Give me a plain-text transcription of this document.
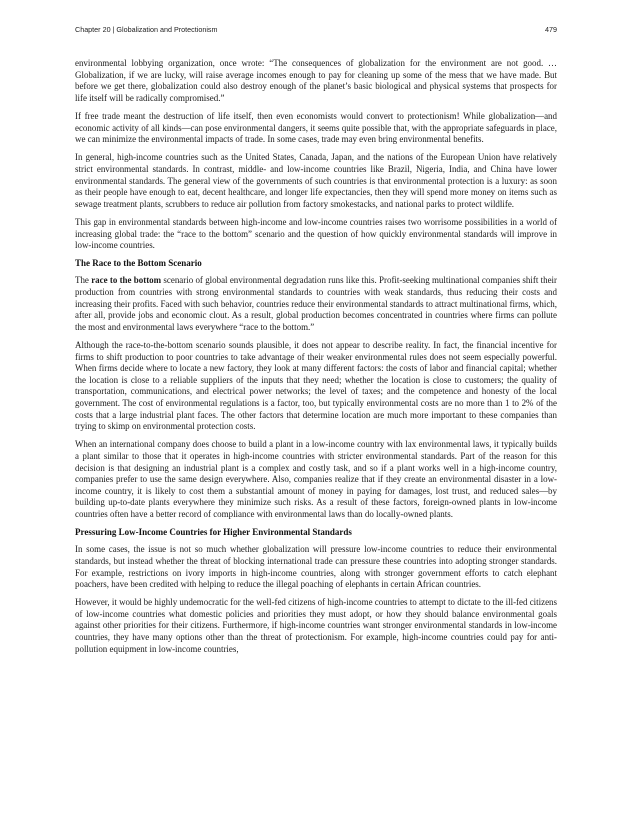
Chapter 20 | Globalization and Protectionism	479

environmental lobbying organization, once wrote: “The consequences of globalization for the environment are not good. … Globalization, if we are lucky, will raise average incomes enough to pay for cleaning up some of the mess that we have made. But before we get there, globalization could also destroy enough of the planet’s basic biological and physical systems that prospects for life itself will be radically compromised.”

If free trade meant the destruction of life itself, then even economists would convert to protectionism! While globalization—and economic activity of all kinds—can pose environmental dangers, it seems quite possible that, with the appropriate safeguards in place, we can minimize the environmental impacts of trade. In some cases, trade may even bring environmental benefits.

In general, high-income countries such as the United States, Canada, Japan, and the nations of the European Union have relatively strict environmental standards. In contrast, middle- and low-income countries like Brazil, Nigeria, India, and China have lower environmental standards. The general view of the governments of such countries is that environmental protection is a luxury: as soon as their people have enough to eat, decent healthcare, and longer life expectancies, then they will spend more money on items such as sewage treatment plants, scrubbers to reduce air pollution from factory smokestacks, and national parks to protect wildlife.

This gap in environmental standards between high-income and low-income countries raises two worrisome possibilities in a world of increasing global trade: the “race to the bottom” scenario and the question of how quickly environmental standards will improve in low-income countries.

The Race to the Bottom Scenario

The race to the bottom scenario of global environmental degradation runs like this. Profit-seeking multinational companies shift their production from countries with strong environmental standards to countries with weak standards, thus reducing their costs and increasing their profits. Faced with such behavior, countries reduce their environmental standards to attract multinational firms, which, after all, provide jobs and economic clout. As a result, global production becomes concentrated in countries where firms can pollute the most and environmental laws everywhere “race to the bottom.”

Although the race-to-the-bottom scenario sounds plausible, it does not appear to describe reality. In fact, the financial incentive for firms to shift production to poor countries to take advantage of their weaker environmental rules does not seem especially powerful. When firms decide where to locate a new factory, they look at many different factors: the costs of labor and financial capital; whether the location is close to a reliable suppliers of the inputs that they need; whether the location is close to customers; the quality of transportation, communications, and electrical power networks; the level of taxes; and the competence and honesty of the local government. The cost of environmental regulations is a factor, too, but typically environmental costs are no more than 1 to 2% of the costs that a large industrial plant faces. The other factors that determine location are much more important to these companies than trying to skimp on environmental protection costs.

When an international company does choose to build a plant in a low-income country with lax environmental laws, it typically builds a plant similar to those that it operates in high-income countries with stricter environmental standards. Part of the reason for this decision is that designing an industrial plant is a complex and costly task, and so if a plant works well in a high-income country, companies prefer to use the same design everywhere. Also, companies realize that if they create an environmental disaster in a low-income country, it is likely to cost them a substantial amount of money in paying for damages, lost trust, and reduced sales—by building up-to-date plants everywhere they minimize such risks. As a result of these factors, foreign-owned plants in low-income countries often have a better record of compliance with environmental laws than do locally-owned plants.

Pressuring Low-Income Countries for Higher Environmental Standards

In some cases, the issue is not so much whether globalization will pressure low-income countries to reduce their environmental standards, but instead whether the threat of blocking international trade can pressure these countries into adopting stronger standards. For example, restrictions on ivory imports in high-income countries, along with stronger government efforts to catch elephant poachers, have been credited with helping to reduce the illegal poaching of elephants in certain African countries.

However, it would be highly undemocratic for the well-fed citizens of high-income countries to attempt to dictate to the ill-fed citizens of low-income countries what domestic policies and priorities they must adopt, or how they should balance environmental goals against other priorities for their citizens. Furthermore, if high-income countries want stronger environmental standards in low-income countries, they have many options other than the threat of protectionism. For example, high-income countries could pay for anti-pollution equipment in low-income countries,
